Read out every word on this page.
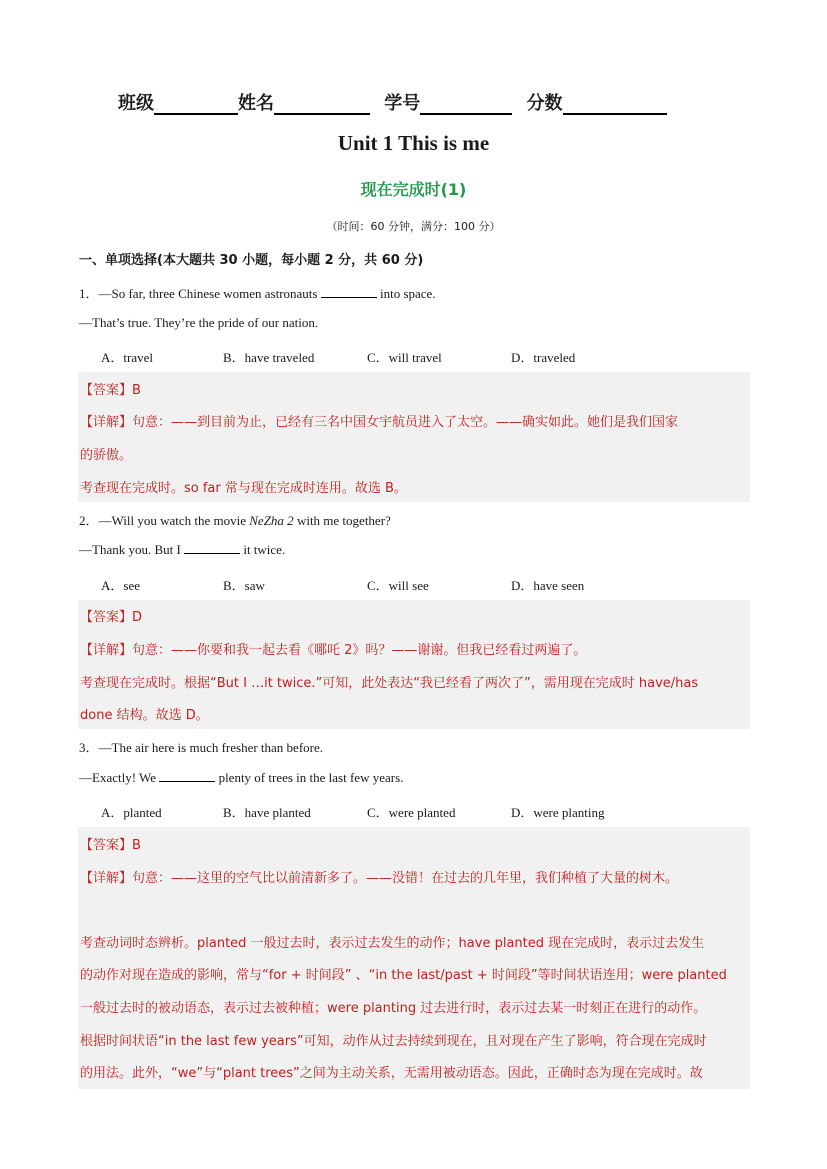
班级	姓名	学号	分数
Unit 1 This is me
现在完成时(1)
（时间：60 分钟，满分：100 分）
一、单项选择(本大题共 30 小题，每小题 2 分，共 60 分)
1．—So far, three Chinese women astronauts	into space.
—That’s true. They’re the pride of our nation.
A．travel	B．have traveled	C．will travel	D．traveled
【答案】B
【详解】句意：——到目前为止，已经有三名中国女宇航员进入了太空。——确实如此。她们是我们国家
的骄傲。
考查现在完成时。so far 常与现在完成时连用。故选 B。
2．—Will you watch the movie NeZha 2 with me together?
—Thank you. But I	it twice.
A．see	B．saw	C．will see	D．have seen
【答案】D
【详解】句意：——你要和我一起去看《哪吒 2》吗？——谢谢。但我已经看过两遍了。
考查现在完成时。根据“But I …it twice.”可知，此处表达“我已经看了两次了”，需用现在完成时 have/has
done 结构。故选 D。
3．—The air here is much fresher than before.
—Exactly! We	plenty of trees in the last few years.
A．planted	B．have planted	C．were planted	D．were planting
【答案】B
【详解】句意：——这里的空气比以前清新多了。——没错！在过去的几年里，我们种植了大量的树木。
考查动词时态辨析。planted 一般过去时，表示过去发生的动作；have planted 现在完成时，表示过去发生
的动作对现在造成的影响，常与“for + 时间段” 、“in the last/past + 时间段”等时间状语连用；were planted
一般过去时的被动语态，表示过去被种植；were planting 过去进行时，表示过去某一时刻正在进行的动作。
根据时间状语“in the last few years”可知，动作从过去持续到现在，且对现在产生了影响，符合现在完成时
的用法。此外，“we”与“plant trees”之间为主动关系，无需用被动语态。因此，正确时态为现在完成时。故
